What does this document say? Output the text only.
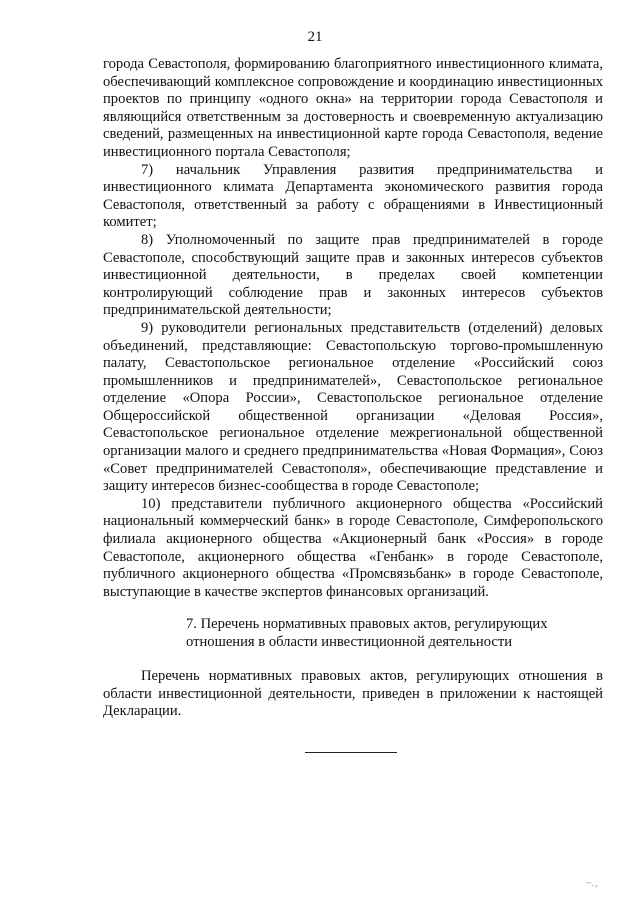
21

города Севастополя, формированию благоприятного инвестиционного климата, обеспечивающий комплексное сопровождение и координацию инвестиционных проектов по принципу «одного окна» на территории города Севастополя и являющийся ответственным за достоверность и своевременную актуализацию сведений, размещенных на инвестиционной карте города Севастополя, ведение инвестиционного портала Севастополя;

7) начальник Управления развития предпринимательства и инвестиционного климата Департамента экономического развития города Севастополя, ответственный за работу с обращениями в Инвестиционный комитет;

8) Уполномоченный по защите прав предпринимателей в городе Севастополе, способствующий защите прав и законных интересов субъектов инвестиционной деятельности, в пределах своей компетенции контролирующий соблюдение прав и законных интересов субъектов предпринимательской деятельности;

9) руководители региональных представительств (отделений) деловых объединений, представляющие: Севастопольскую торгово-промышленную палату, Севастопольское региональное отделение «Российский союз промышленников и предпринимателей», Севастопольское региональное отделение «Опора России», Севастопольское региональное отделение Общероссийской общественной организации «Деловая Россия», Севастопольское региональное отделение межрегиональной общественной организации малого и среднего предпринимательства «Новая Формация», Союз «Совет предпринимателей Севастополя», обеспечивающие представление и защиту интересов бизнес-сообщества в городе Севастополе;

10) представители публичного акционерного общества «Российский национальный коммерческий банк» в городе Севастополе, Симферопольского филиала акционерного общества «Акционерный банк «Россия» в городе Севастополе, акционерного общества «Генбанк» в городе Севастополе, публичного акционерного общества «Промсвязьбанк» в городе Севастополе, выступающие в качестве экспертов финансовых организаций.

7. Перечень нормативных правовых актов, регулирующих
отношения в области инвестиционной деятельности

Перечень нормативных правовых актов, регулирующих отношения в области инвестиционной деятельности, приведен в приложении к настоящей Декларации.

~.,
